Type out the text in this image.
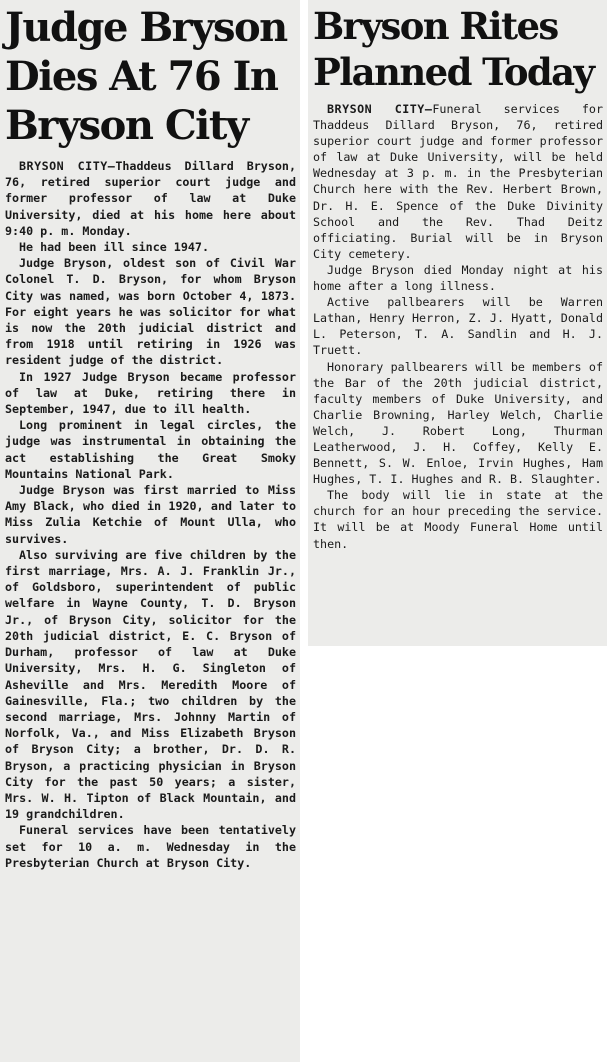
Judge Bryson Dies At 76 In Bryson City

BRYSON CITY—Thaddeus Dillard Bryson, 76, retired superior court judge and former professor of law at Duke University, died at his home here about 9:40 p. m. Monday.

He had been ill since 1947.

Judge Bryson, oldest son of Civil War Colonel T. D. Bryson, for whom Bryson City was named, was born October 4, 1873. For eight years he was solicitor for what is now the 20th judicial district and from 1918 until retiring in 1926 was resident judge of the district.

In 1927 Judge Bryson became professor of law at Duke, retiring there in September, 1947, due to ill health.

Long prominent in legal circles, the judge was instrumental in obtaining the act establishing the Great Smoky Mountains National Park.

Judge Bryson was first married to Miss Amy Black, who died in 1920, and later to Miss Zulia Ketchie of Mount Ulla, who survives.

Also surviving are five children by the first marriage, Mrs. A. J. Franklin Jr., of Goldsboro, superintendent of public welfare in Wayne County, T. D. Bryson Jr., of Bryson City, solicitor for the 20th judicial district, E. C. Bryson of Durham, professor of law at Duke University, Mrs. H. G. Singleton of Asheville and Mrs. Meredith Moore of Gainesville, Fla.; two children by the second marriage, Mrs. Johnny Martin of Norfolk, Va., and Miss Elizabeth Bryson of Bryson City; a brother, Dr. D. R. Bryson, a practicing physician in Bryson City for the past 50 years; a sister, Mrs. W. H. Tipton of Black Mountain, and 19 grandchildren.

Funeral services have been tentatively set for 10 a. m. Wednesday in the Presbyterian Church at Bryson City.

Bryson Rites Planned Today

BRYSON CITY—Funeral services for Thaddeus Dillard Bryson, 76, retired superior court judge and former professor of law at Duke University, will be held Wednesday at 3 p. m. in the Presbyterian Church here with the Rev. Herbert Brown, Dr. H. E. Spence of the Duke Divinity School and the Rev. Thad Deitz officiating. Burial will be in Bryson City cemetery.

Judge Bryson died Monday night at his home after a long illness.

Active pallbearers will be Warren Lathan, Henry Herron, Z. J. Hyatt, Donald L. Peterson, T. A. Sandlin and H. J. Truett.

Honorary pallbearers will be members of the Bar of the 20th judicial district, faculty members of Duke University, and Charlie Browning, Harley Welch, Charlie Welch, J. Robert Long, Thurman Leatherwood, J. H. Coffey, Kelly E. Bennett, S. W. Enloe, Irvin Hughes, Ham Hughes, T. I. Hughes and R. B. Slaughter.

The body will lie in state at the church for an hour preceding the service. It will be at Moody Funeral Home until then.
